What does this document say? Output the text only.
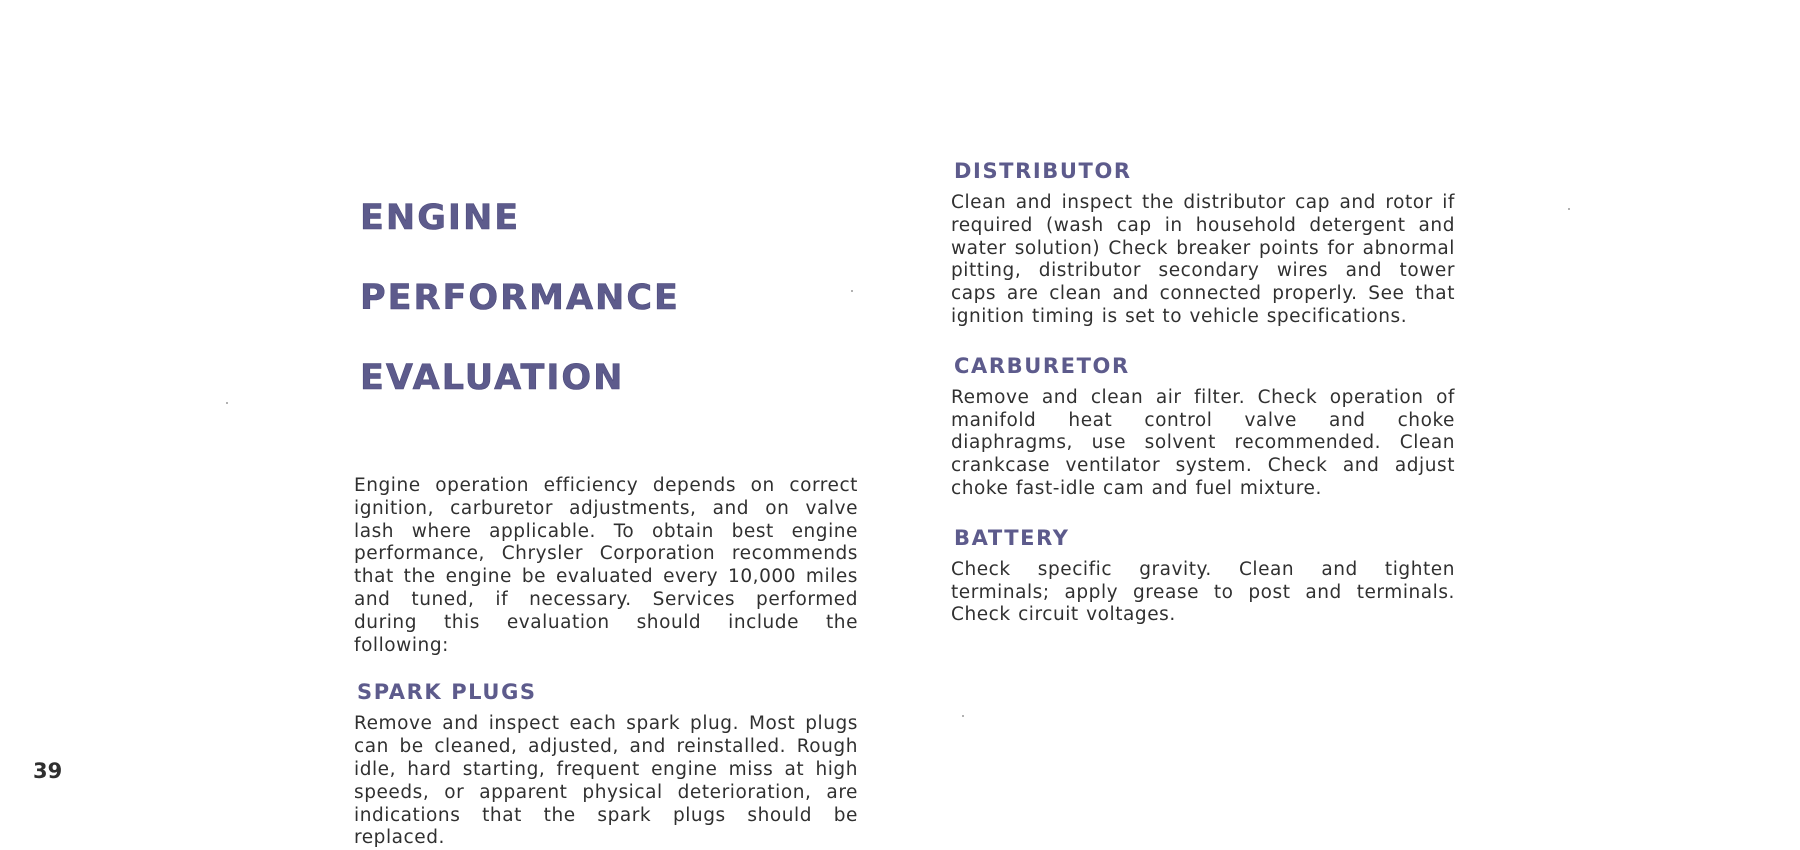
ENGINE

PERFORMANCE

EVALUATION

Engine operation efficiency depends on correct ignition, carburetor adjustments, and on valve lash where applicable. To obtain best engine performance, Chrysler Corporation recommends that the engine be evaluated every 10,000 miles and tuned, if necessary. Services performed during this evaluation should include the following:

SPARK PLUGS

Remove and inspect each spark plug. Most plugs can be cleaned, adjusted, and reinstalled. Rough idle, hard starting, frequent engine miss at high speeds, or apparent physical deterioration, are indications that the spark plugs should be replaced.

DISTRIBUTOR

Clean and inspect the distributor cap and rotor if required (wash cap in household detergent and water solution) Check breaker points for abnormal pitting, distributor secondary wires and tower caps are clean and connected properly. See that ignition timing is set to vehicle specifications.

CARBURETOR

Remove and clean air filter. Check operation of manifold heat control valve and choke diaphragms, use solvent recommended. Clean crankcase ventilator system. Check and adjust choke fast-idle cam and fuel mixture.

BATTERY

Check specific gravity. Clean and tighten terminals; apply grease to post and terminals. Check circuit voltages.

39
